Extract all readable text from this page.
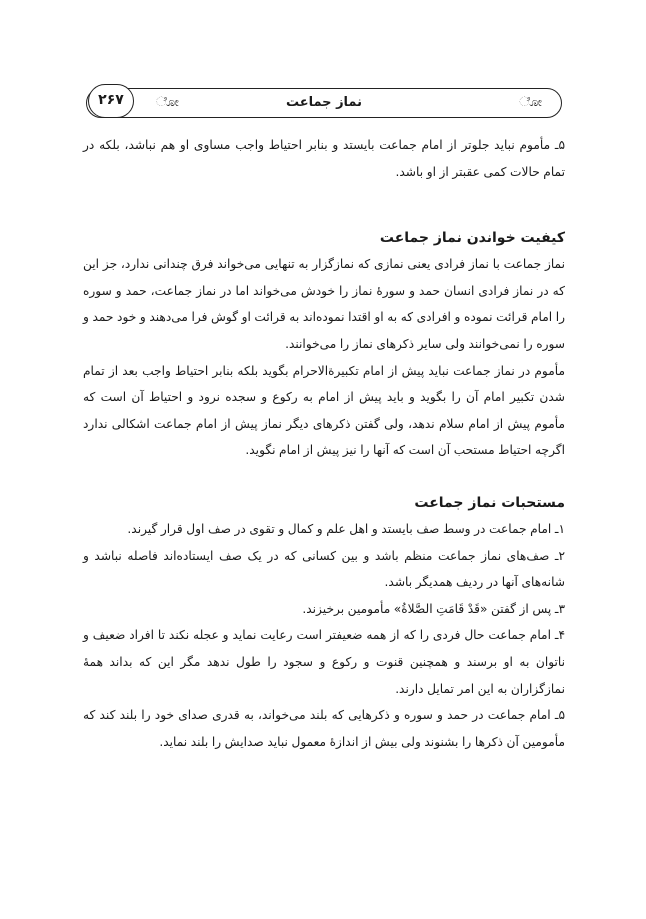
ೋ
نماز جماعت
ೋ
۲۶۷

۵ـ مأموم نباید جلوتر از امام جماعت بایستد و بنابر احتیاط واجب مساوی او هم نباشد، بلکه در تمام حالات کمی عقبتر از او باشد.

کیفیت خواندن نماز جماعت

نماز جماعت با نماز فرادی یعنی نمازی که نمازگزار به تنهایی می‌خواند فرق چندانی ندارد، جز این که در نماز فرادی انسان حمد و سورهٔ نماز را خودش می‌خواند اما در نماز جماعت، حمد و سوره را امام قرائت نموده و افرادی که به او اقتدا نموده‌اند به قرائت او گوش فرا می‌دهند و خود حمد و سوره را نمی‌خوانند ولی سایر ذکرهای نماز را می‌خوانند.

مأموم در نماز جماعت نباید پیش از امام تکبیرة‌الاحرام بگوید بلکه بنابر احتیاط واجب بعد از تمام شدن تکبیر امام آن را بگوید و باید پیش از امام به رکوع و سجده نرود و احتیاط آن است که مأموم پیش از امام سلام ندهد، ولی گفتن ذکرهای دیگر نماز پیش از امام جماعت اشکالی ندارد اگرچه احتیاط مستحب آن است که آنها را نیز پیش از امام نگوید.

مستحبات نماز جماعت

۱ـ امام جماعت در وسط صف بایستد و اهل علم و کمال و تقوی در صف اول قرار گیرند.

۲ـ صف‌های نماز جماعت منظم باشد و بین کسانی که در یک صف ایستاده‌اند فاصله نباشد و شانه‌های آنها در ردیف همدیگر باشد.

۳ـ پس از گفتن «قَدْ قَامَتِ الصَّلاةُ» مأمومین برخیزند.

۴ـ امام جماعت حال فردی را که از همه ضعیفتر است رعایت نماید و عجله نکند تا افراد ضعیف و ناتوان به او برسند و همچنین قنوت و رکوع و سجود را طول ندهد مگر این که بداند همهٔ نمازگزاران به این امر تمایل دارند.

۵ـ امام جماعت در حمد و سوره و ذکرهایی که بلند می‌خواند، به قدری صدای خود را بلند کند که مأمومین آن ذکرها را بشنوند ولی بیش از اندازهٔ معمول نباید صدایش را بلند نماید.
